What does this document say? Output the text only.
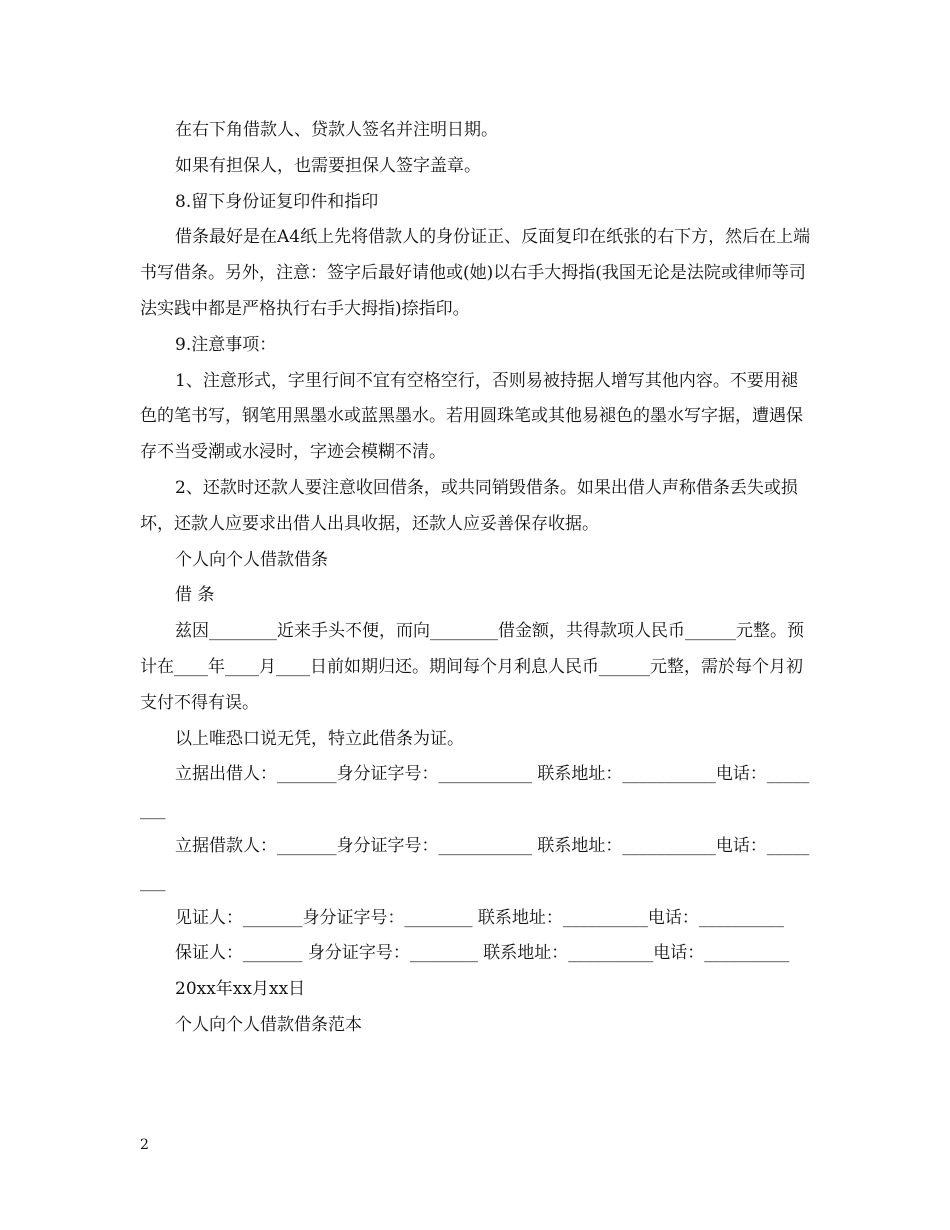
在右下角借款人、贷款人签名并注明日期。

如果有担保人，也需要担保人签字盖章。

8.留下身份证复印件和指印

借条最好是在A4纸上先将借款人的身份证正、反面复印在纸张的右下方，然后在上端书写借条。另外，注意：签字后最好请他或(她)以右手大拇指(我国无论是法院或律师等司法实践中都是严格执行右手大拇指)捺指印。

9.注意事项：

1、注意形式，字里行间不宜有空格空行，否则易被持据人增写其他内容。不要用褪色的笔书写，钢笔用黑墨水或蓝黑墨水。若用圆珠笔或其他易褪色的墨水写字据，遭遇保存不当受潮或水浸时，字迹会模糊不清。

2、还款时还款人要注意收回借条，或共同销毁借条。如果出借人声称借条丢失或损坏，还款人应要求出借人出具收据，还款人应妥善保存收据。

个人向个人借款借条

借 条

兹因________近来手头不便，而向________借金额，共得款项人民币______元整。预计在____年____月____日前如期归还。期间每个月利息人民币______元整，需於每个月初支付不得有误。

以上唯恐口说无凭，特立此借条为证。

立据出借人：_______身分证字号：___________ 联系地址：___________电话：________

立据借款人：_______身分证字号：___________ 联系地址：___________电话：________

见证人：_______身分证字号：________ 联系地址：__________电话：__________

保证人：_______ 身分证字号：________ 联系地址：__________电话：__________

20xx年xx月xx日

个人向个人借款借条范本

2
